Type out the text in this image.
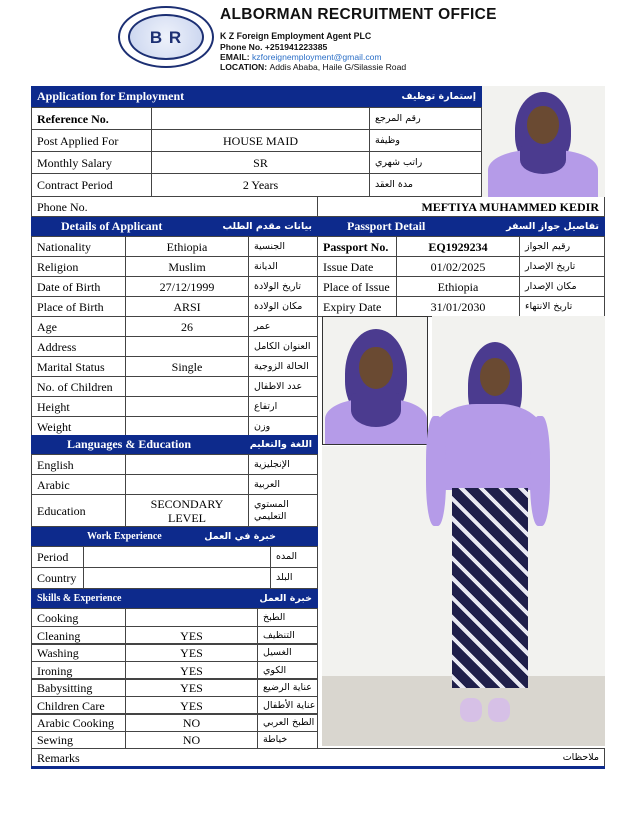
B R
ALBORMAN RECRUITMENT OFFICE
K Z Foreign Employment Agent PLC
Phone No. +251941223385
EMAIL: kzforeignemployment@gmail.com
LOCATION: Addis Ababa, Haile G/Silassie Road
Application for Employment	إستمارة توظيف
Reference No.	رقم المرجع
Post Applied For	HOUSE MAID	وظيفة
Monthly Salary	SR	راتب شهري
Contract Period	2 Years	مدة العقد
Phone No.	MEFTIYA MUHAMMED KEDIR
Details of Applicant	بيانات مقدم الطلب
Nationality	Ethiopia	الجنسية
Religion	Muslim	الديانة
Date of Birth	27/12/1999	تاريخ الولادة
Place of Birth	ARSI	مكان الولادة
Age	26	عمر
Address	العنوان الكامل
Marital Status	Single	الحالة الزوجية
No. of Children	عدد الاطفال
Height	ارتفاع
Weight	وزن
Passport Detail	تفاصيل جواز السفر
Passport No.	EQ1929234	رقيم الجواز
Issue Date	01/02/2025	تاريخ الإصدار
Place of Issue	Ethiopia	مكان الإصدار
Expiry Date	31/01/2030	تاريخ الانتهاء
Languages & Education	اللغة والتعليم
English	الإنجليزية
Arabic	العربية
Education	SECONDARY
LEVEL
المستوي
التعليمي
Work Experience	خبرة في العمل
Period	المده
Country	البلد
Skills & Experience	خبرة العمل
Cooking	الطبخ
Cleaning	YES	التنظيف
Washing	YES	الغسيل
Ironing	YES	الكوي
Babysitting	YES	عناية الرضيع
Children Care	YES	عناية الأطفال
Arabic Cooking	NO	الطبخ العربي
Sewing	NO	خياطة
Remarks	ملاحظات
